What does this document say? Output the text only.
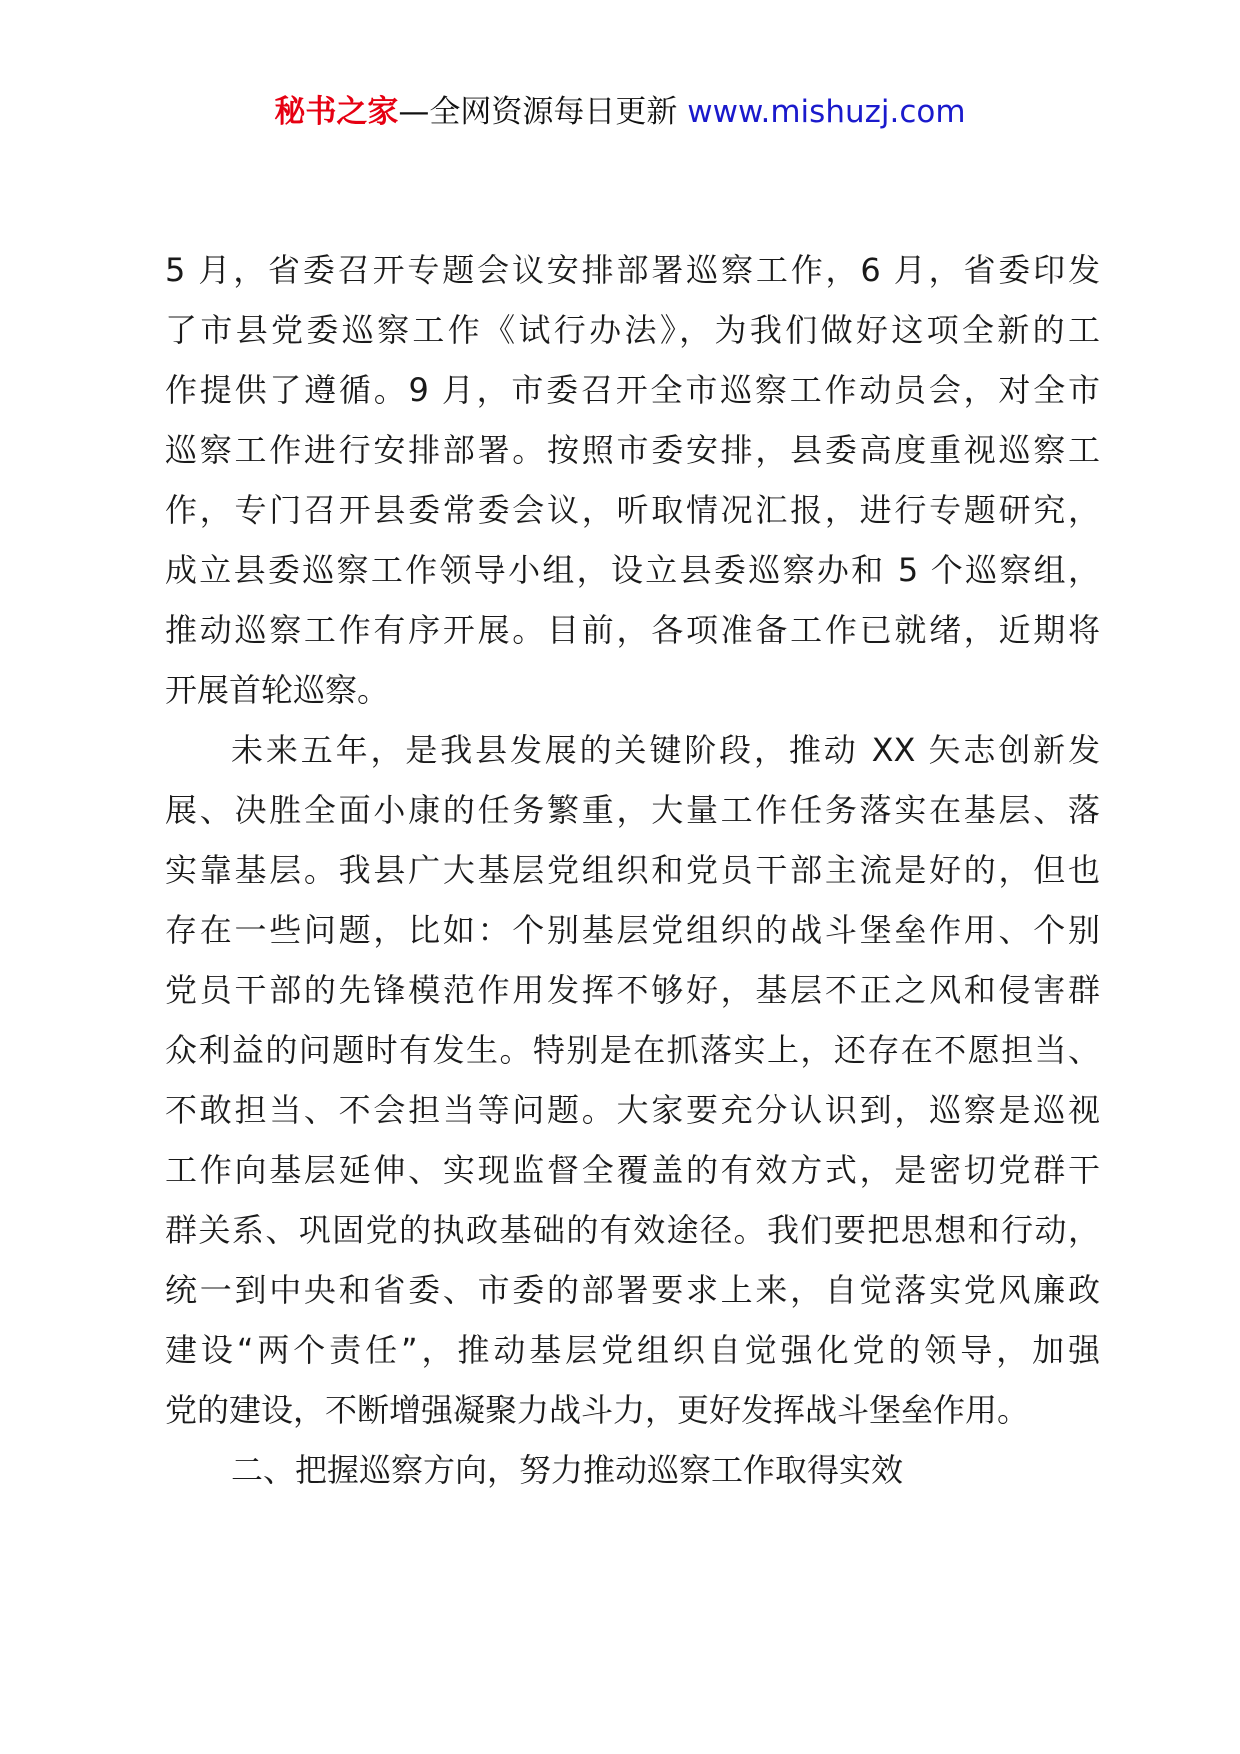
秘书之家—全网资源每日更新 www.mishuzj.com
5 月，省委召开专题会议安排部署巡察工作，6 月，省委印发
了市县党委巡察工作《试行办法》，为我们做好这项全新的工
作提供了遵循。9 月，市委召开全市巡察工作动员会，对全市
巡察工作进行安排部署。按照市委安排，县委高度重视巡察工
作，专门召开县委常委会议，听取情况汇报，进行专题研究，
成立县委巡察工作领导小组，设立县委巡察办和 5 个巡察组，
推动巡察工作有序开展。目前，各项准备工作已就绪，近期将
开展首轮巡察。
未来五年，是我县发展的关键阶段，推动 XX 矢志创新发
展、决胜全面小康的任务繁重，大量工作任务落实在基层、落
实靠基层。我县广大基层党组织和党员干部主流是好的，但也
存在一些问题，比如：个别基层党组织的战斗堡垒作用、个别
党员干部的先锋模范作用发挥不够好，基层不正之风和侵害群
众利益的问题时有发生。特别是在抓落实上，还存在不愿担当、
不敢担当、不会担当等问题。大家要充分认识到，巡察是巡视
工作向基层延伸、实现监督全覆盖的有效方式，是密切党群干
群关系、巩固党的执政基础的有效途径。我们要把思想和行动，
统一到中央和省委、市委的部署要求上来，自觉落实党风廉政
建设“两个责任”，推动基层党组织自觉强化党的领导，加强
党的建设，不断增强凝聚力战斗力，更好发挥战斗堡垒作用。
二、把握巡察方向，努力推动巡察工作取得实效
